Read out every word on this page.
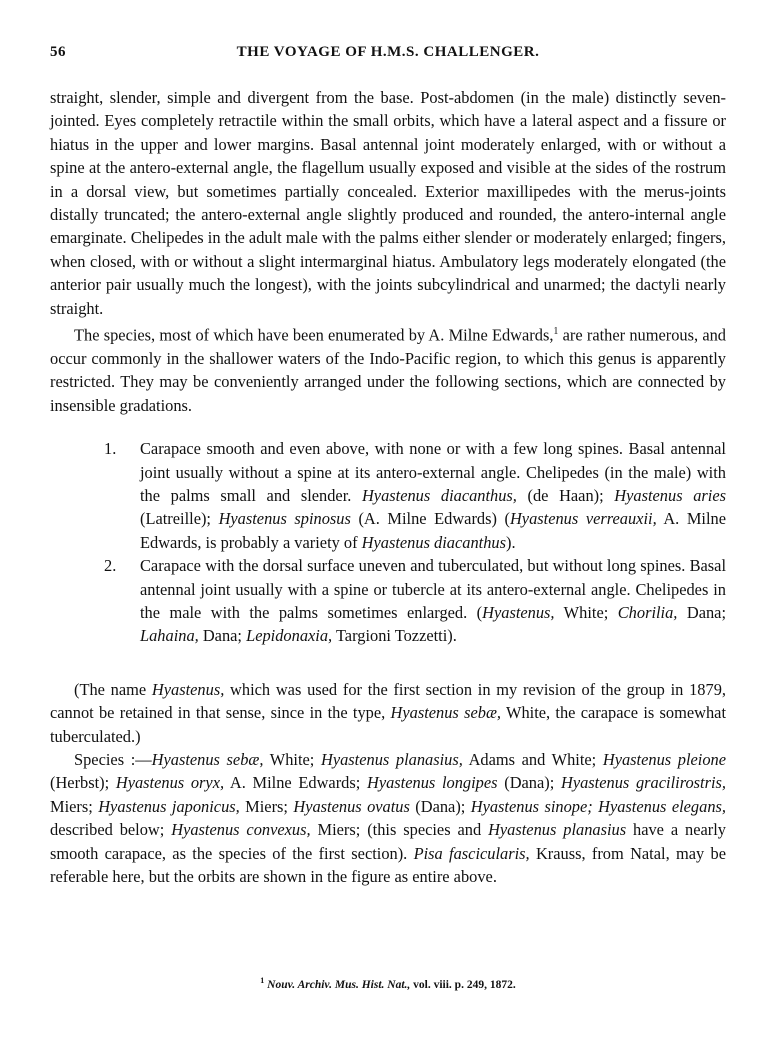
56	THE VOYAGE OF H.M.S. CHALLENGER.

straight, slender, simple and divergent from the base. Post-abdomen (in the male) distinctly seven-jointed. Eyes completely retractile within the small orbits, which have a lateral aspect and a fissure or hiatus in the upper and lower margins. Basal antennal joint moderately enlarged, with or without a spine at the antero-external angle, the flagellum usually exposed and visible at the sides of the rostrum in a dorsal view, but sometimes partially concealed. Exterior maxillipedes with the merus-joints distally truncated; the antero-external angle slightly produced and rounded, the antero-internal angle emarginate. Chelipedes in the adult male with the palms either slender or moderately enlarged; fingers, when closed, with or without a slight intermarginal hiatus. Ambulatory legs moderately elongated (the anterior pair usually much the longest), with the joints subcylindrical and unarmed; the dactyli nearly straight.

The species, most of which have been enumerated by A. Milne Edwards,$^1$ are rather numerous, and occur commonly in the shallower waters of the Indo-Pacific region, to which this genus is apparently restricted. They may be conveniently arranged under the following sections, which are connected by insensible gradations.

1. Carapace smooth and even above, with none or with a few long spines. Basal antennal joint usually without a spine at its antero-external angle. Chelipedes (in the male) with the palms small and slender. Hyastenus diacanthus, (de Haan); Hyastenus aries (Latreille); Hyastenus spinosus (A. Milne Edwards) (Hyastenus verreauxii, A. Milne Edwards, is probably a variety of Hyastenus diacanthus).
2. Carapace with the dorsal surface uneven and tuberculated, but without long spines. Basal antennal joint usually with a spine or tubercle at its antero-external angle. Chelipedes in the male with the palms sometimes enlarged. (Hyastenus, White; Chorilia, Dana; Lahaina, Dana; Lepidonaxia, Targioni Tozzetti).

(The name Hyastenus, which was used for the first section in my revision of the group in 1879, cannot be retained in that sense, since in the type, Hyastenus sebæ, White, the carapace is somewhat tuberculated.)

Species :—Hyastenus sebæ, White; Hyastenus planasius, Adams and White; Hyastenus pleione (Herbst); Hyastenus oryx, A. Milne Edwards; Hyastenus longipes (Dana); Hyastenus gracilirostris, Miers; Hyastenus japonicus, Miers; Hyastenus ovatus (Dana); Hyastenus sinope; Hyastenus elegans, described below; Hyastenus convexus, Miers; (this species and Hyastenus planasius have a nearly smooth carapace, as the species of the first section). Pisa fascicularis, Krauss, from Natal, may be referable here, but the orbits are shown in the figure as entire above.

$^1$ Nouv. Archiv. Mus. Hist. Nat., vol. viii. p. 249, 1872.
